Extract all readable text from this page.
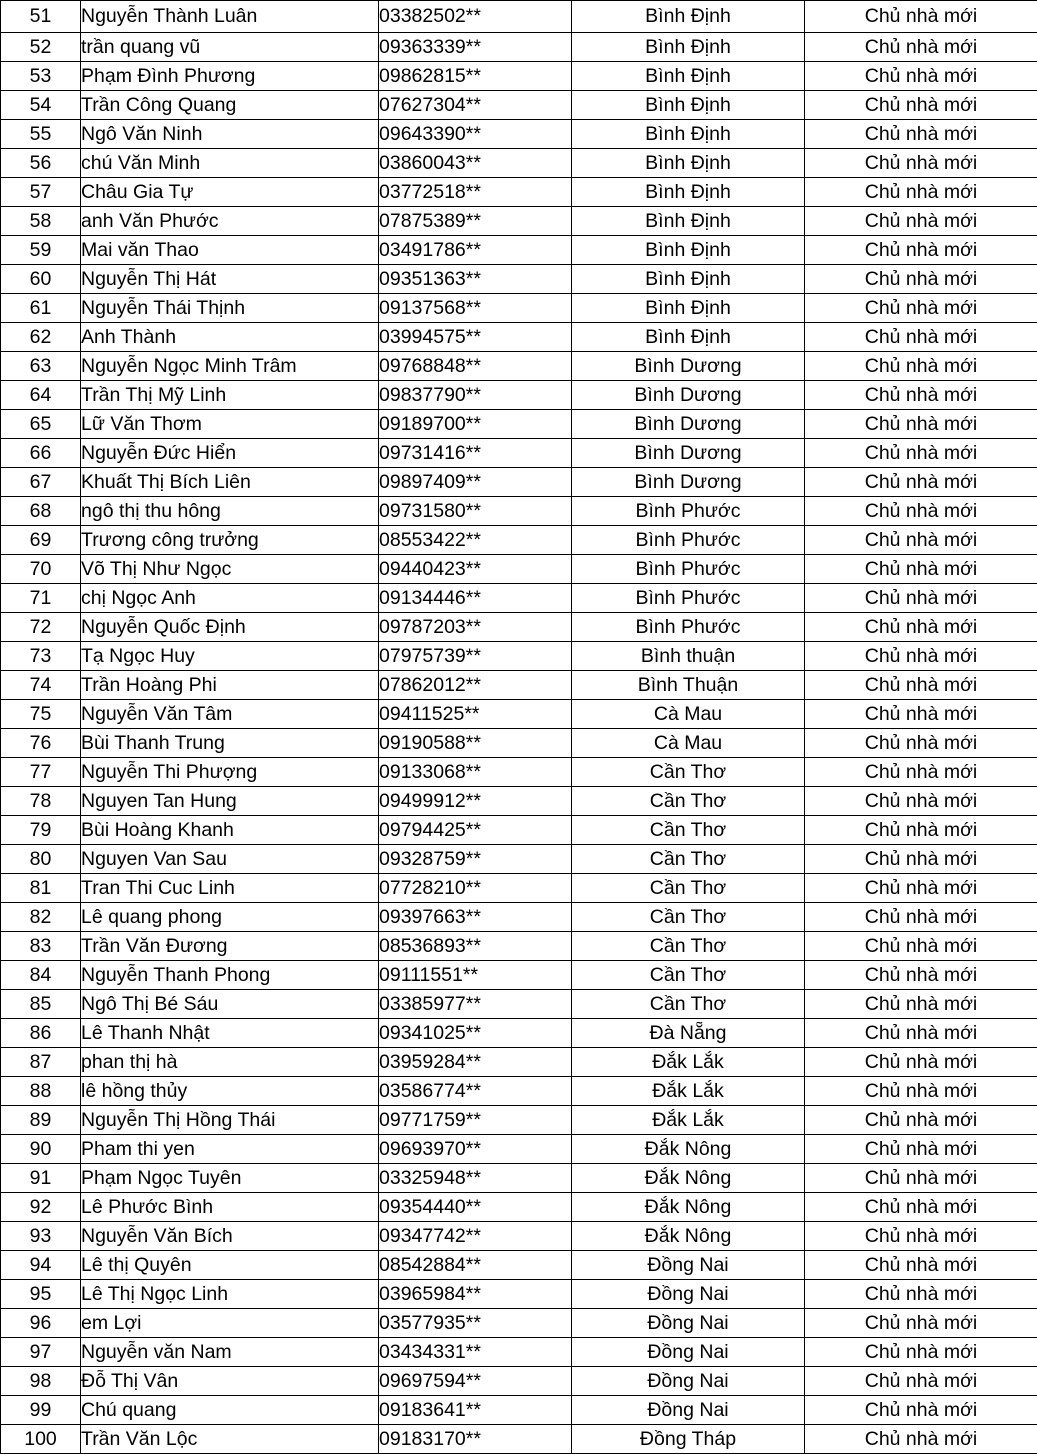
51	Nguyễn Thành Luân	03382502**	Bình Định	Chủ nhà mới
52	trần quang vũ	09363339**	Bình Định	Chủ nhà mới
53	Phạm Đình Phương	09862815**	Bình Định	Chủ nhà mới
54	Trần Công Quang	07627304**	Bình Định	Chủ nhà mới
55	Ngô Văn Ninh	09643390**	Bình Định	Chủ nhà mới
56	chú Văn Minh	03860043**	Bình Định	Chủ nhà mới
57	Châu Gia Tự	03772518**	Bình Định	Chủ nhà mới
58	anh Văn Phước	07875389**	Bình Định	Chủ nhà mới
59	Mai văn Thao	03491786**	Bình Định	Chủ nhà mới
60	Nguyễn Thị Hát	09351363**	Bình Định	Chủ nhà mới
61	Nguyễn Thái Thịnh	09137568**	Bình Định	Chủ nhà mới
62	Anh Thành	03994575**	Bình Định	Chủ nhà mới
63	Nguyễn Ngọc Minh Trâm	09768848**	Bình Dương	Chủ nhà mới
64	Trần Thị Mỹ Linh	09837790**	Bình Dương	Chủ nhà mới
65	Lữ Văn Thơm	09189700**	Bình Dương	Chủ nhà mới
66	Nguyễn Đức Hiển	09731416**	Bình Dương	Chủ nhà mới
67	Khuất Thị Bích Liên	09897409**	Bình Dương	Chủ nhà mới
68	ngô thị thu hông	09731580**	Bình Phước	Chủ nhà mới
69	Trương công trưởng	08553422**	Bình Phước	Chủ nhà mới
70	Võ Thị Như Ngọc	09440423**	Bình Phước	Chủ nhà mới
71	chị Ngọc Anh	09134446**	Bình Phước	Chủ nhà mới
72	Nguyễn Quốc Định	09787203**	Bình Phước	Chủ nhà mới
73	Tạ Ngọc Huy	07975739**	Bình thuận	Chủ nhà mới
74	Trần Hoàng Phi	07862012**	Bình Thuận	Chủ nhà mới
75	Nguyễn Văn Tâm	09411525**	Cà Mau	Chủ nhà mới
76	Bùi Thanh Trung	09190588**	Cà Mau	Chủ nhà mới
77	Nguyễn Thi Phượng	09133068**	Cần Thơ	Chủ nhà mới
78	Nguyen Tan Hung	09499912**	Cần Thơ	Chủ nhà mới
79	Bùi Hoàng Khanh	09794425**	Cần Thơ	Chủ nhà mới
80	Nguyen Van Sau	09328759**	Cần Thơ	Chủ nhà mới
81	Tran Thi Cuc Linh	07728210**	Cần Thơ	Chủ nhà mới
82	Lê quang phong	09397663**	Cần Thơ	Chủ nhà mới
83	Trần Văn Đương	08536893**	Cần Thơ	Chủ nhà mới
84	Nguyễn Thanh Phong	09111551**	Cần Thơ	Chủ nhà mới
85	Ngô Thị Bé Sáu	03385977**	Cần Thơ	Chủ nhà mới
86	Lê Thanh Nhật	09341025**	Đà Nẵng	Chủ nhà mới
87	phan thị hà	03959284**	Đắk Lắk	Chủ nhà mới
88	lê hồng thủy	03586774**	Đắk Lắk	Chủ nhà mới
89	Nguyễn Thị Hồng Thái	09771759**	Đắk Lắk	Chủ nhà mới
90	Pham thi yen	09693970**	Đắk Nông	Chủ nhà mới
91	Phạm Ngọc Tuyên	03325948**	Đắk Nông	Chủ nhà mới
92	Lê Phước Bình	09354440**	Đắk Nông	Chủ nhà mới
93	Nguyễn Văn Bích	09347742**	Đắk Nông	Chủ nhà mới
94	Lê thị Quyên	08542884**	Đồng Nai	Chủ nhà mới
95	Lê Thị Ngọc Linh	03965984**	Đồng Nai	Chủ nhà mới
96	em Lợi	03577935**	Đồng Nai	Chủ nhà mới
97	Nguyễn văn Nam	03434331**	Đồng Nai	Chủ nhà mới
98	Đỗ Thị Vân	09697594**	Đồng Nai	Chủ nhà mới
99	Chú quang	09183641**	Đồng Nai	Chủ nhà mới
100	Trần Văn Lộc	09183170**	Đồng Tháp	Chủ nhà mới
